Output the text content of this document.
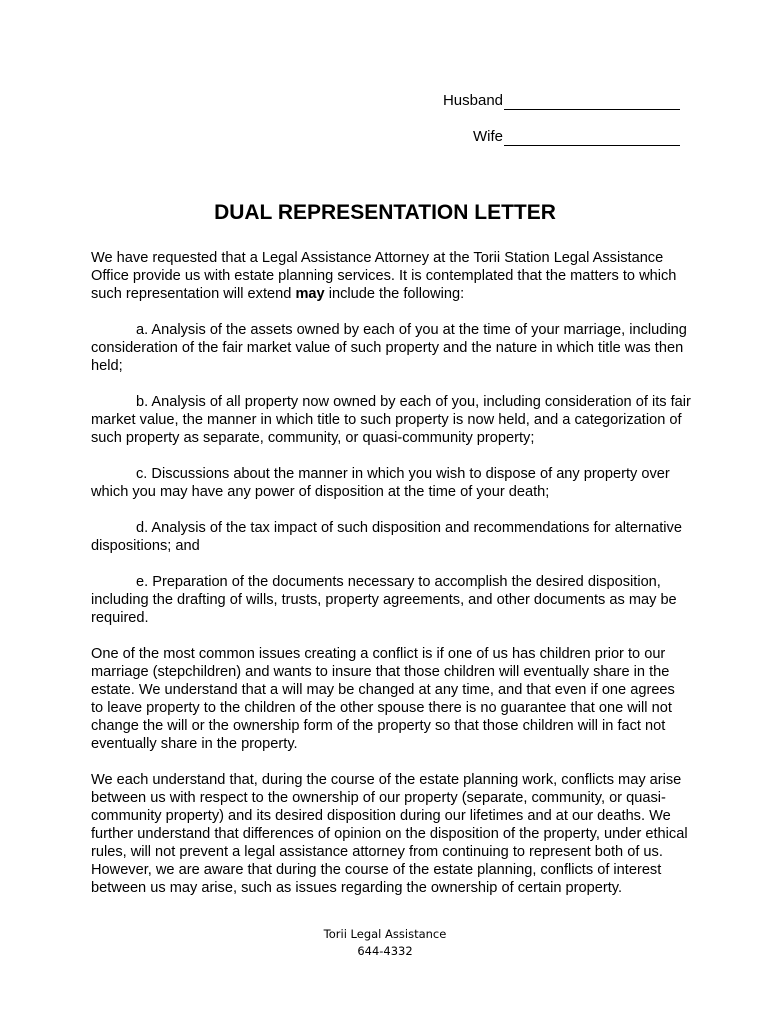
Husband
Wife
DUAL REPRESENTATION LETTER

We have requested that a Legal Assistance Attorney at the Torii Station Legal Assistance Office provide us with estate planning services. It is contemplated that the matters to which such representation will extend may include the following:

a. Analysis of the assets owned by each of you at the time of your marriage, including consideration of the fair market value of such property and the nature in which title was then held;

b. Analysis of all property now owned by each of you, including consideration of its fair market value, the manner in which title to such property is now held, and a categorization of such property as separate, community, or quasi-community property;

c. Discussions about the manner in which you wish to dispose of any property over which you may have any power of disposition at the time of your death;

d. Analysis of the tax impact of such disposition and recommendations for alternative dispositions; and

e. Preparation of the documents necessary to accomplish the desired disposition, including the drafting of wills, trusts, property agreements, and other documents as may be required.

One of the most common issues creating a conflict is if one of us has children prior to our marriage (stepchildren) and wants to insure that those children will eventually share in the estate. We understand that a will may be changed at any time, and that even if one agrees to leave property to the children of the other spouse there is no guarantee that one will not change the will or the ownership form of the property so that those children will in fact not eventually share in the property.

We each understand that, during the course of the estate planning work, conflicts may arise between us with respect to the ownership of our property (separate, community, or quasi-community property) and its desired disposition during our lifetimes and at our deaths. We further understand that differences of opinion on the disposition of the property, under ethical rules, will not prevent a legal assistance attorney from continuing to represent both of us. However, we are aware that during the course of the estate planning, conflicts of interest between us may arise, such as issues regarding the ownership of certain property.

Torii Legal Assistance
644-4332
